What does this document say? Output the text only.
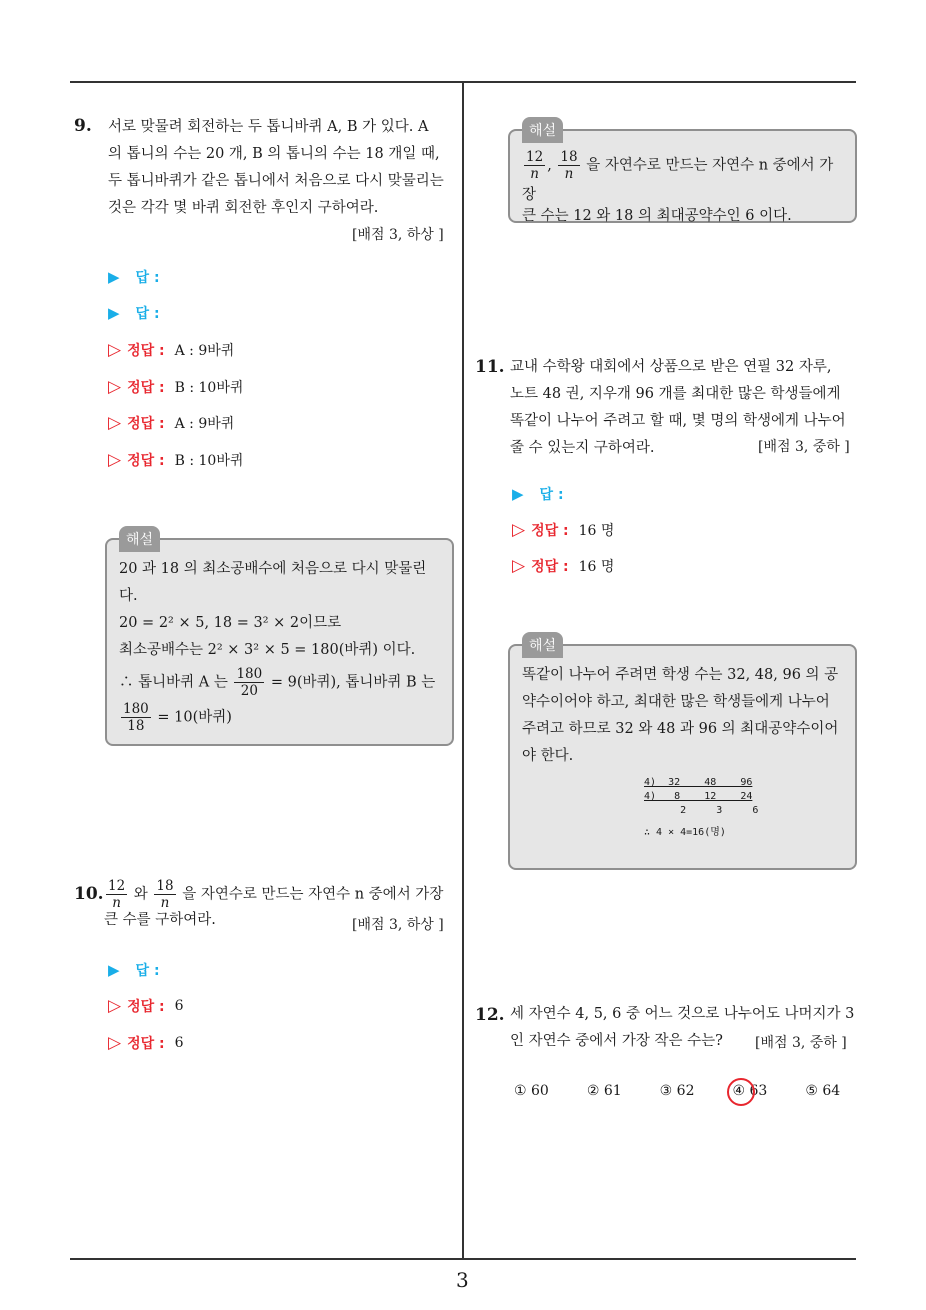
3
9. 서로 맞물려 회전하는 두 톱니바퀴 A, B 가 있다. A
의 톱니의 수는 20 개, B 의 톱니의 수는 18 개일 때,
두 톱니바퀴가 같은 톱니에서 처음으로 다시 맞물리는
것은 각각 몇 바퀴 회전한 후인지 구하여라.
[배점 3, 하상 ]
▶ 답 :
▶ 답 :
▷ 정답 : A : 9바퀴
▷ 정답 : B : 10바퀴
▷ 정답 : A : 9바퀴
▷ 정답 : B : 10바퀴
해설
20 과 18 의 최소공배수에 처음으로 다시 맞물린
다.
20 = 2² × 5, 18 = 3² × 2이므로
최소공배수는 2² × 3² × 5 = 180(바퀴) 이다.
∴ 톱니바퀴 A 는 $\frac{180}{20} = 9$(바퀴), 톱니바퀴 B 는
$\frac{180}{18} = 10$(바퀴)
10. $\frac{12}{n}$ 와 $\frac{18}{n}$ 을 자연수로 만드는 자연수 n 중에서 가장
큰 수를 구하여라.	[배점 3, 하상 ]
▶ 답 :
▷ 정답 : 6
▷ 정답 : 6
해설
$\frac{12}{n}$ , $\frac{18}{n}$ 을 자연수로 만드는 자연수 n 중에서 가장
큰 수는 12 와 18 의 최대공약수인 6 이다.
11. 교내 수학왕 대회에서 상품으로 받은 연필 32 자루,
노트 48 권, 지우개 96 개를 최대한 많은 학생들에게
똑같이 나누어 주려고 할 때, 몇 명의 학생에게 나누어
줄 수 있는지 구하여라.	[배점 3, 중하 ]
▶ 답 :
▷ 정답 : 16 명
▷ 정답 : 16 명
해설
똑같이 나누어 주려면 학생 수는 32, 48, 96 의 공
약수이어야 하고, 최대한 많은 학생들에게 나누어
주려고 하므로 32 와 48 과 96 의 최대공약수이어
야 한다.
4)  32    48    96
4)   8    12    24
2     3     6
∴ 4 × 4=16(명)
12. 세 자연수 4, 5, 6 중 어느 것으로 나누어도 나머지가 3
인 자연수 중에서 가장 작은 수는?	[배점 3, 중하 ]
① 60	② 61	③ 62	④ 63	⑤ 64
